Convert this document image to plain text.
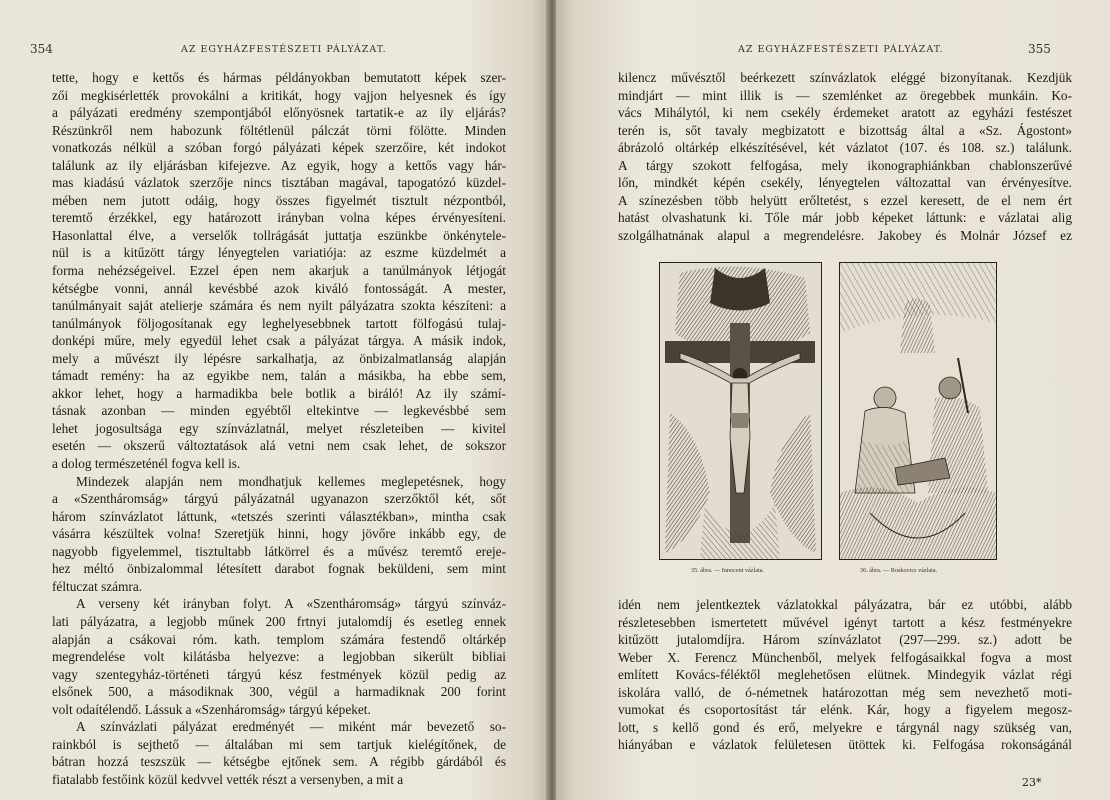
354	AZ EGYHÁZFESTÉSZETI PÁLYÁZAT.
tette, hogy e kettős és hármas példányokban bemutatott képek szer-
zői megkisérlették provokálni a kritikát, hogy vajjon helyesnek és így
a pályázati eredmény szempontjából előnyösnek tartatik-e az ily eljárás?
Részünkről nem habozunk föltétlenül pálczát törni fölötte. Minden
vonatkozás nélkül a szóban forgó pályázati képek szerzőire, két indokot
találunk az ily eljárásban kifejezve. Az egyik, hogy a kettős vagy hár-
mas kiadású vázlatok szerzője nincs tisztában magával, tapogatózó küzdel-
mében nem jutott odáig, hogy összes figyelmét tisztult nézpontból,
teremtő érzékkel, egy határozott irányban volna képes érvényesíteni.
Hasonlattal élve, a verselők tollrágását juttatja eszünkbe önkénytele-
nül is a kitűzött tárgy lényegtelen variatiója: az eszme küzdelmét a
forma nehézségeivel. Ezzel épen nem akarjuk a tanúlmányok létjogát
kétségbe vonni, annál kevésbbé azok kiváló fontosságát. A mester,
tanúlmányait saját atelierje számára és nem nyilt pályázatra szokta készíteni: a
tanúlmányok följogosítanak egy leghelyesebbnek tartott fölfogású tulaj-
donképi műre, mely egyedül lehet csak a pályázat tárgya. A másik indok,
mely a művészt ily lépésre sarkalhatja, az önbizalmatlanság alapján
támadt remény: ha az egyikbe nem, talán a másikba, ha ebbe sem,
akkor lehet, hogy a harmadikba bele botlik a biráló! Az ily számí-
tásnak azonban — minden egyébtől eltekintve — legkevésbbé sem
lehet jogosultsága egy színvázlatnál, melyet részleteiben — kivitel
esetén — okszerű változtatások alá vetni nem csak lehet, de sokszor
a dolog természeténél fogva kell is.
Mindezek alapján nem mondhatjuk kellemes meglepetésnek, hogy
a «Szentháromság» tárgyú pályázatnál ugyanazon szerzőktől két, sőt
három színvázlatot láttunk, «tetszés szerinti választékban», mintha csak
vásárra készültek volna! Szeretjük hinni, hogy jövőre inkább egy, de
nagyobb figyelemmel, tisztultabb látkörrel és a művész teremtő ereje-
hez méltó önbizalommal létesített darabot fognak beküldeni, sem mint
féltuczat számra.
A verseny két irányban folyt. A «Szentháromság» tárgyú színváz-
lati pályázatra, a legjobb műnek 200 frtnyi jutalomdíj és esetleg ennek
alapján a csákovai róm. kath. templom számára festendő oltárkép
megrendelése volt kilátásba helyezve: a legjobban sikerült bibliai
vagy szentegyház-történeti tárgyú kész festmények közül pedig az
elsőnek 500, a másodiknak 300, végül a harmadiknak 200 forint
volt odaítélendő. Lássuk a «Szenháromság» tárgyú képeket.
A színvázlati pályázat eredményét — miként már bevezető so-
rainkból is sejthető — általában mi sem tartjuk kielégítőnek, de
bátran hozzá teszszük — kétségbe ejtőnek sem. A régibb gárdából és
fiatalabb festőink közül kedvvel vették részt a versenyben, a mit a
AZ EGYHÁZFESTÉSZETI PÁLYÁZAT.	355
kilencz művésztől beérkezett színvázlatok eléggé bizonyítanak. Kezdjük
mindjárt — mint illik is — szemlénket az öregebbek munkáin. Ko-
vács Mihálytól, ki nem csekély érdemeket aratott az egyházi festészet
terén is, sőt tavaly megbizatott e bizottság által a «Sz. Ágostont»
ábrázoló oltárkép elkészítésével, két vázlatot (107. és 108. sz.) találunk.
A tárgy szokott felfogása, mely ikonographiánkban chablonszerűvé
lőn, mindkét képén csekély, lényegtelen változattal van érvényesítve.
A színezésben több helyütt erőltetést, s ezzel keresett, de el nem ért
hatást olvashatunk ki. Tőle már jobb képeket láttunk: e vázlatai alig
szolgálhatnának alapul a megrendelésre. Jakobey és Molnár József ez
35. ábra. — Innocent vázlata.	36. ábra. — Roskovics vázlata.
idén nem jelentkeztek vázlatokkal pályázatra, bár ez utóbbi, alább
részletesebben ismertetett művével igényt tartott a kész festményekre
kitűzött jutalomdíjra. Három színvázlatot (297—299. sz.) adott be
Weber X. Ferencz Münchenből, melyek felfogásaikkal fogva a most
említett Kovács-féléktől meglehetősen elütnek. Mindegyik vázlat régi
iskolára valló, de ó-németnek határozottan még sem nevezhető moti-
vumokat és csoportosítást tár elénk. Kár, hogy a figyelem megosz-
lott, s kellő gond és erő, melyekre e tárgynál nagy szükség van,
hiányában e vázlatok felületesen ütöttek ki. Felfogása rokonságánál
23*
